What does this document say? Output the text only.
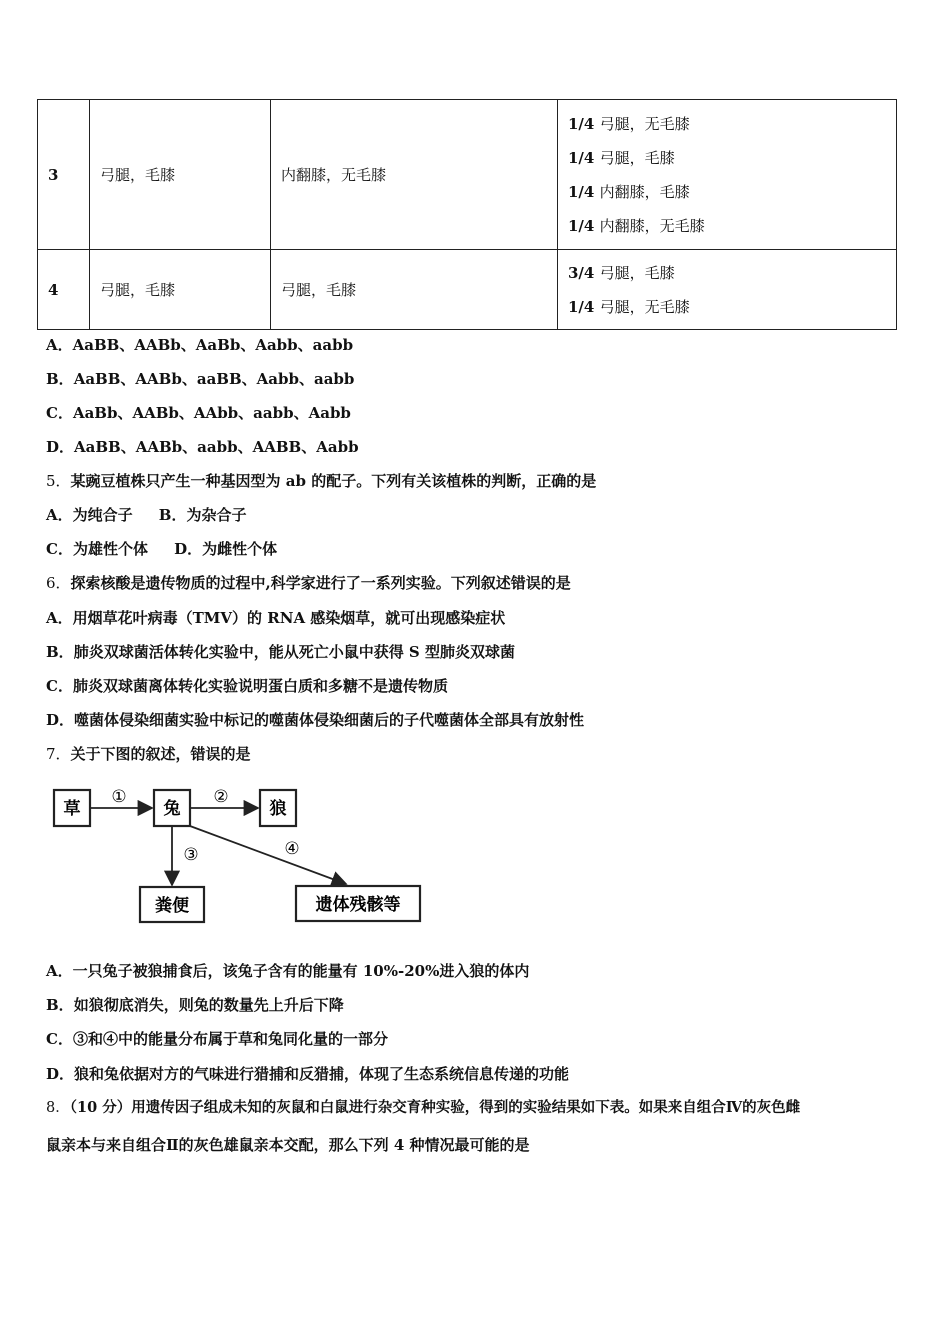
3	弓腿，毛膝	内翻膝，无毛膝	1/4 弓腿，无毛膝
1/4 弓腿，毛膝
1/4 内翻膝，毛膝
1/4 内翻膝，无毛膝

4	弓腿，毛膝	弓腿，毛膝	3/4 弓腿，毛膝
1/4 弓腿，无毛膝
A．AaBB、AABb、AaBb、Aabb、aabb
B．AaBB、AABb、aaBB、Aabb、aabb
C．AaBb、AABb、AAbb、aabb、Aabb
D．AaBB、AABb、aabb、AABB、Aabb
5．某豌豆植株只产生一种基因型为 ab 的配子。下列有关该植株的判断，正确的是
A．为纯合子 B．为杂合子
C．为雄性个体 D．为雌性个体
6．探索核酸是遗传物质的过程中,科学家进行了一系列实验。下列叙述错误的是
A．用烟草花叶病毒（TMV）的 RNA 感染烟草，就可出现感染症状
B．肺炎双球菌活体转化实验中，能从死亡小鼠中获得 S 型肺炎双球菌
C．肺炎双球菌离体转化实验说明蛋白质和多糖不是遗传物质
D．噬菌体侵染细菌实验中标记的噬菌体侵染细菌后的子代噬菌体全部具有放射性
7．关于下图的叙述，错误的是
草	兔	狼
粪便	遗体残骸等
①	②
③	④
A．一只兔子被狼捕食后，该兔子含有的能量有 10%-20%进入狼的体内
B．如狼彻底消失，则兔的数量先上升后下降
C．③和④中的能量分布属于草和兔同化量的一部分
D．狼和兔依据对方的气味进行猎捕和反猎捕，体现了生态系统信息传递的功能
8．（10 分）用遗传因子组成未知的灰鼠和白鼠进行杂交育种实验，得到的实验结果如下表。如果来自组合Ⅳ的灰色雌
鼠亲本与来自组合Ⅱ的灰色雄鼠亲本交配，那么下列 4 种情况最可能的是
